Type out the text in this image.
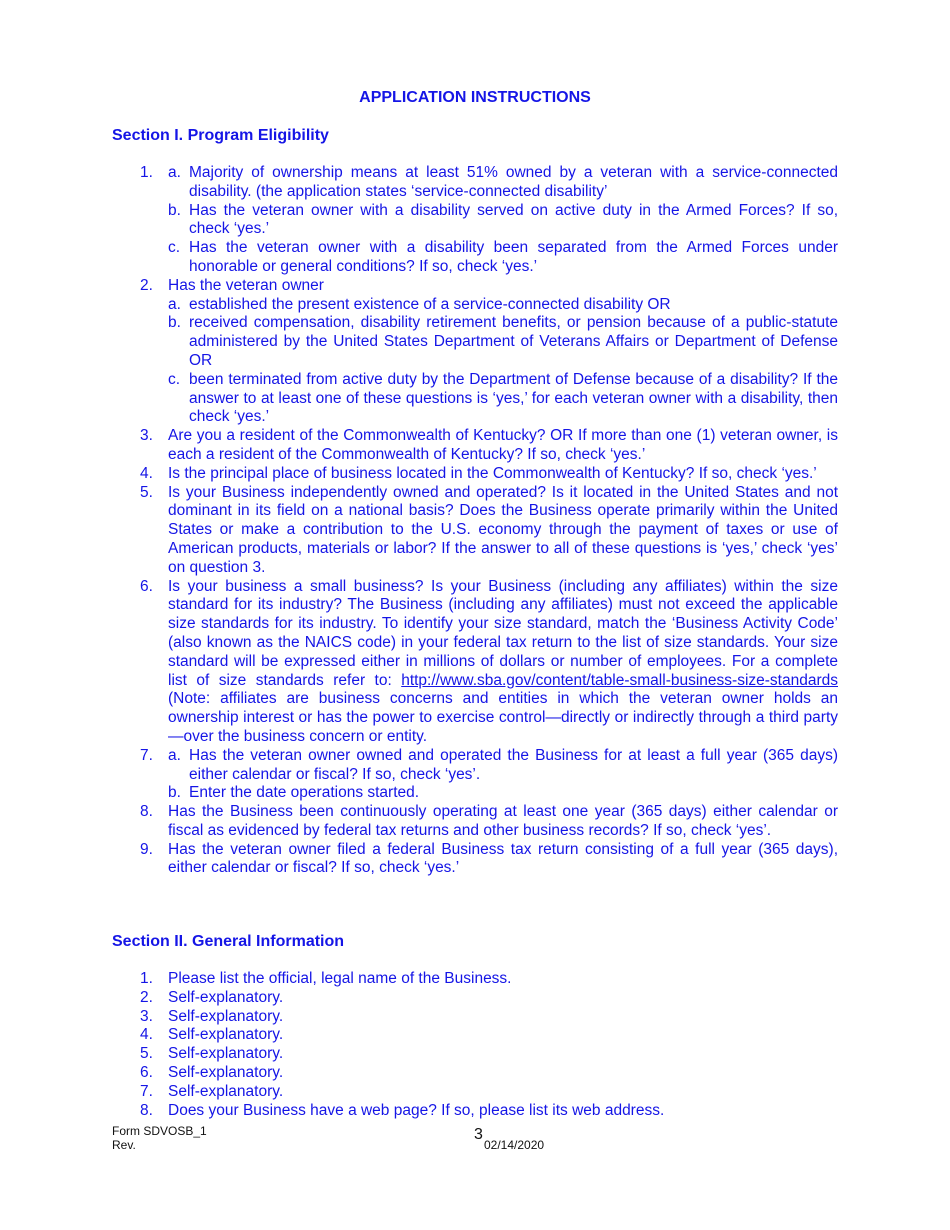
APPLICATION INSTRUCTIONS
Section I. Program Eligibility
1. a. Majority of ownership means at least 51% owned by a veteran with a service-connected disability. (the application states ‘service-connected disability’
b. Has the veteran owner with a disability served on active duty in the Armed Forces? If so, check ‘yes.’
c. Has the veteran owner with a disability been separated from the Armed Forces under honorable or general conditions? If so, check ‘yes.’
2. Has the veteran owner
a. established the present existence of a service-connected disability OR
b. received compensation, disability retirement benefits, or pension because of a public-statute administered by the United States Department of Veterans Affairs or Department of Defense OR
c. been terminated from active duty by the Department of Defense because of a disability? If the answer to at least one of these questions is ‘yes,’ for each veteran owner with a disability, then check ‘yes.’
3. Are you a resident of the Commonwealth of Kentucky? OR If more than one (1) veteran owner, is each a resident of the Commonwealth of Kentucky? If so, check ‘yes.’
4. Is the principal place of business located in the Commonwealth of Kentucky? If so, check ‘yes.’
5. Is your Business independently owned and operated? Is it located in the United States and not dominant in its field on a national basis? Does the Business operate primarily within the United States or make a contribution to the U.S. economy through the payment of taxes or use of American products, materials or labor? If the answer to all of these questions is ‘yes,’ check ‘yes’ on question 3.
6. Is your business a small business? Is your Business (including any affiliates) within the size standard for its industry? The Business (including any affiliates) must not exceed the applicable size standards for its industry. To identify your size standard, match the ‘Business Activity Code’ (also known as the NAICS code) in your federal tax return to the list of size standards. Your size standard will be expressed either in millions of dollars or number of employees. For a complete list of size standards refer to: http://www.sba.gov/content/table-small-business-size-standards (Note: affiliates are business concerns and entities in which the veteran owner holds an ownership interest or has the power to exercise control—directly or indirectly through a third party—over the business concern or entity.
7. a. Has the veteran owner owned and operated the Business for at least a full year (365 days) either calendar or fiscal? If so, check ‘yes’.
b. Enter the date operations started.
8. Has the Business been continuously operating at least one year (365 days) either calendar or fiscal as evidenced by federal tax returns and other business records? If so, check ‘yes’.
9. Has the veteran owner filed a federal Business tax return consisting of a full year (365 days), either calendar or fiscal? If so, check ‘yes.’
Section II. General Information
1. Please list the official, legal name of the Business.
2. Self-explanatory.
3. Self-explanatory.
4. Self-explanatory.
5. Self-explanatory.
6. Self-explanatory.
7. Self-explanatory.
8. Does your Business have a web page? If so, please list its web address.
Form SDVOSB_1
Rev.
3
02/14/2020
